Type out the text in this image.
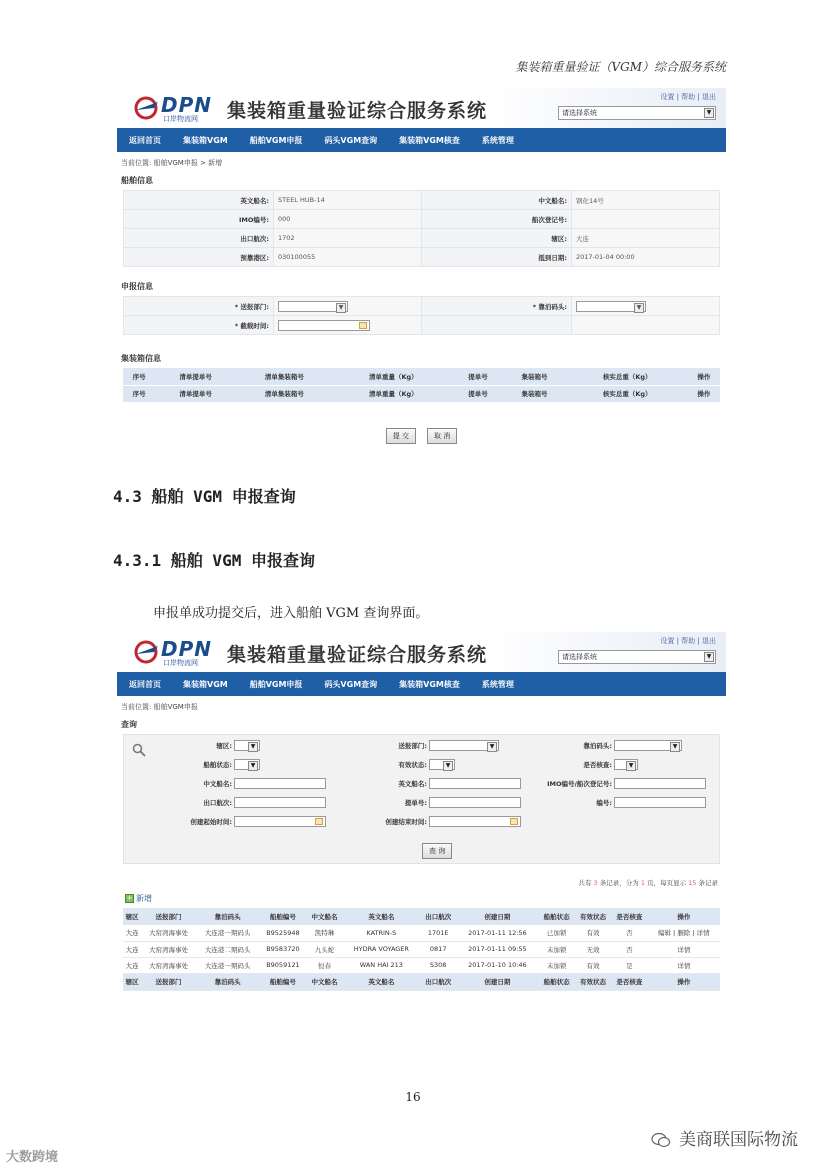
集装箱重量验证（VGM）综合服务系统
DPN
口岸物流网 集装箱重量验证综合服务系统
设置 | 帮助 | 退出
请选择系统	▼
返回首页	集装箱VGM	船舶VGM申报	码头VGM查询	集装箱VGM核查	系统管理
当前位置: 船舶VGM申报 > 新增
船舶信息
英文船名:	STEEL HUB-14	中文船名:	钢化14号
IMO编号:	000	船次登记号:	
出口航次:	1702	辖区:	大连
预靠港区:	030100055	抵到日期:	2017-01-04 00:00
申报信息
* 送报部门:	▼	* 靠泊码头:	▼

* 截载时间:	

集装箱信息
序号	清单提单号	清单集装箱号	清单重量（Kg）	提单号	集装箱号	核实总重（Kg）	操作
序号	清单提单号	清单集装箱号	清单重量（Kg）	提单号	集装箱号	核实总重（Kg）	操作
提 交	取 消
4.3 船舶 VGM 申报查询
4.3.1 船舶 VGM 申报查询
申报单成功提交后，进入船舶 VGM 查询界面。
DPN
口岸物流网 集装箱重量验证综合服务系统
设置 | 帮助 | 退出
请选择系统	▼
返回首页	集装箱VGM	船舶VGM申报	码头VGM查询	集装箱VGM核查	系统管理
当前位置: 船舶VGM申报
查询
辖区:	▼	送报部门:	▼	靠泊码头:	▼
船舶状态:	▼	有效状态:	▼	是否核查:	▼
中文船名:	英文船名:	IMO编号/船次登记号:
出口航次:	提单号:	编号:
创建起始时间:	创建结束时间:
查 询
共有 3 条记录，分为 1 页，每页显示 15 条记录
+ 新增
辖区	送报部门	靠泊码头	船舶编号	中文船名	英文船名	出口航次	创建日期	船舶状态	有效状态	是否核查	操作
大连	大窑湾海事处	大连港一期码头	B9525948	凯特琳	KATRIN-S	1701E	2017-01-11 12:56	已加锁	有效	否	编辑 | 删除 | 详情
大连	大窑湾海事处	大连港二期码头	B9583720	九头蛇	HYDRA VOYAGER	0817	2017-01-11 09:55	未加锁	无效	否	详情
大连	大窑湾海事处	大连港一期码头	B9059121	恒春	WAN HAI 213	S308	2017-01-10 10:46	未加锁	有效	是	详情
辖区	送报部门	靠泊码头	船舶编号	中文船名	英文船名	出口航次	创建日期	船舶状态	有效状态	是否核查	操作
16
大数跨境
美商联国际物流
